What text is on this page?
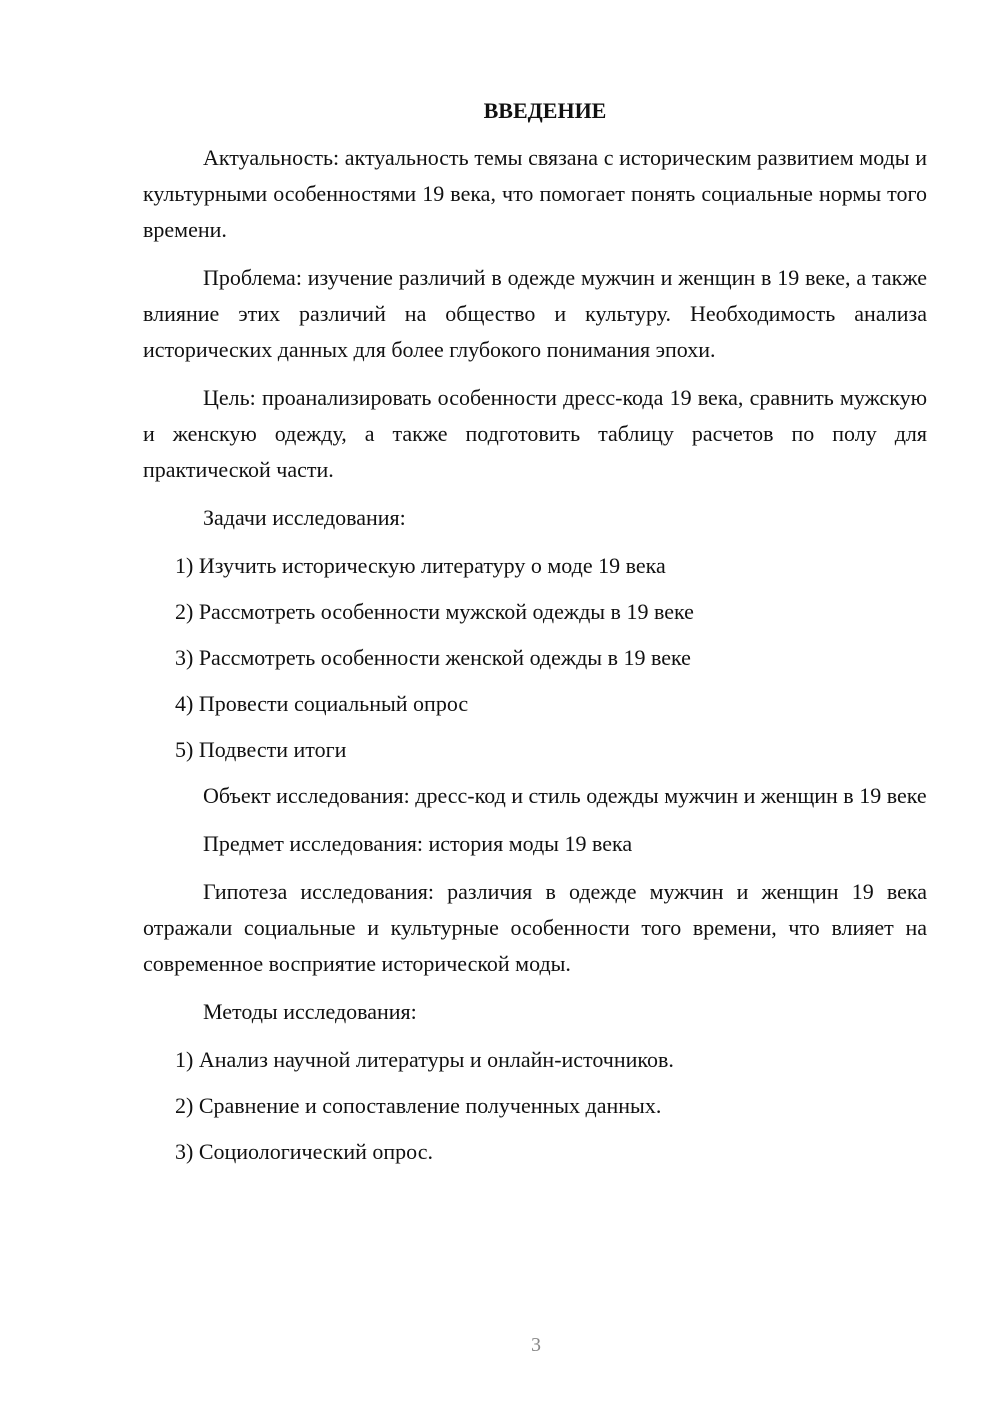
ВВЕДЕНИЕ

Актуальность: актуальность темы связана с историческим развитием моды и культурными особенностями 19 века, что помогает понять социальные нормы того времени.

Проблема: изучение различий в одежде мужчин и женщин в 19 веке, а также влияние этих различий на общество и культуру. Необходимость анализа исторических данных для более глубокого понимания эпохи.

Цель: проанализировать особенности дресс-кода 19 века, сравнить мужскую и женскую одежду, а также подготовить таблицу расчетов по полу для практической части.

Задачи исследования:

1) Изучить историческую литературу о моде 19 века

2) Рассмотреть особенности мужской одежды в 19 веке

3) Рассмотреть особенности женской одежды в 19 веке

4) Провести социальный опрос

5) Подвести итоги

Объект исследования: дресс-код и стиль одежды мужчин и женщин в 19 веке

Предмет исследования: история моды 19 века

Гипотеза исследования: различия в одежде мужчин и женщин 19 века отражали социальные и культурные особенности того времени, что влияет на современное восприятие исторической моды.

Методы исследования:

1) Анализ научной литературы и онлайн-источников.

2) Сравнение и сопоставление полученных данных.

3) Социологический опрос.

3
